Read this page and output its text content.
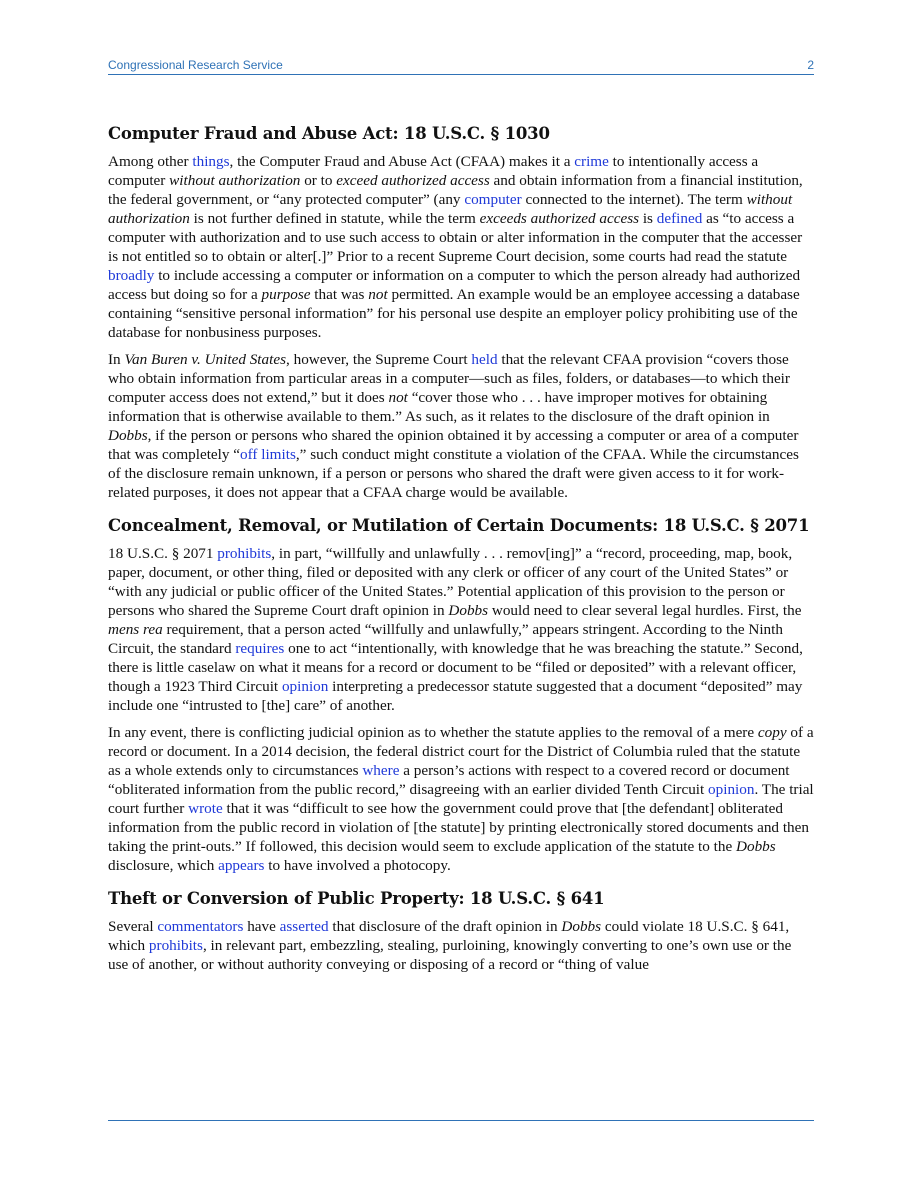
Congressional Research Service	2
Computer Fraud and Abuse Act: 18 U.S.C. § 1030

Among other things, the Computer Fraud and Abuse Act (CFAA) makes it a crime to intentionally access a computer without authorization or to exceed authorized access and obtain information from a financial institution, the federal government, or “any protected computer” (any computer connected to the internet). The term without authorization is not further defined in statute, while the term exceeds authorized access is defined as “to access a computer with authorization and to use such access to obtain or alter information in the computer that the accesser is not entitled so to obtain or alter[.]” Prior to a recent Supreme Court decision, some courts had read the statute broadly to include accessing a computer or information on a computer to which the person already had authorized access but doing so for a purpose that was not permitted. An example would be an employee accessing a database containing “sensitive personal information” for his personal use despite an employer policy prohibiting use of the database for nonbusiness purposes.

In Van Buren v. United States, however, the Supreme Court held that the relevant CFAA provision “covers those who obtain information from particular areas in a computer—such as files, folders, or databases—to which their computer access does not extend,” but it does not “cover those who . . . have improper motives for obtaining information that is otherwise available to them.” As such, as it relates to the disclosure of the draft opinion in Dobbs, if the person or persons who shared the opinion obtained it by accessing a computer or area of a computer that was completely “off limits,” such conduct might constitute a violation of the CFAA. While the circumstances of the disclosure remain unknown, if a person or persons who shared the draft were given access to it for work-related purposes, it does not appear that a CFAA charge would be available.

Concealment, Removal, or Mutilation of Certain Documents: 18 U.S.C. § 2071

18 U.S.C. § 2071 prohibits, in part, “willfully and unlawfully . . . remov[ing]” a “record, proceeding, map, book, paper, document, or other thing, filed or deposited with any clerk or officer of any court of the United States” or “with any judicial or public officer of the United States.” Potential application of this provision to the person or persons who shared the Supreme Court draft opinion in Dobbs would need to clear several legal hurdles. First, the mens rea requirement, that a person acted “willfully and unlawfully,” appears stringent. According to the Ninth Circuit, the standard requires one to act “intentionally, with knowledge that he was breaching the statute.” Second, there is little caselaw on what it means for a record or document to be “filed or deposited” with a relevant officer, though a 1923 Third Circuit opinion interpreting a predecessor statute suggested that a document “deposited” may include one “intrusted to [the] care” of another.

In any event, there is conflicting judicial opinion as to whether the statute applies to the removal of a mere copy of a record or document. In a 2014 decision, the federal district court for the District of Columbia ruled that the statute as a whole extends only to circumstances where a person’s actions with respect to a covered record or document “obliterated information from the public record,” disagreeing with an earlier divided Tenth Circuit opinion. The trial court further wrote that it was “difficult to see how the government could prove that [the defendant] obliterated information from the public record in violation of [the statute] by printing electronically stored documents and then taking the print-outs.” If followed, this decision would seem to exclude application of the statute to the Dobbs disclosure, which appears to have involved a photocopy.

Theft or Conversion of Public Property: 18 U.S.C. § 641

Several commentators have asserted that disclosure of the draft opinion in Dobbs could violate 18 U.S.C. § 641, which prohibits, in relevant part, embezzling, stealing, purloining, knowingly converting to one’s own use or the use of another, or without authority conveying or disposing of a record or “thing of value
